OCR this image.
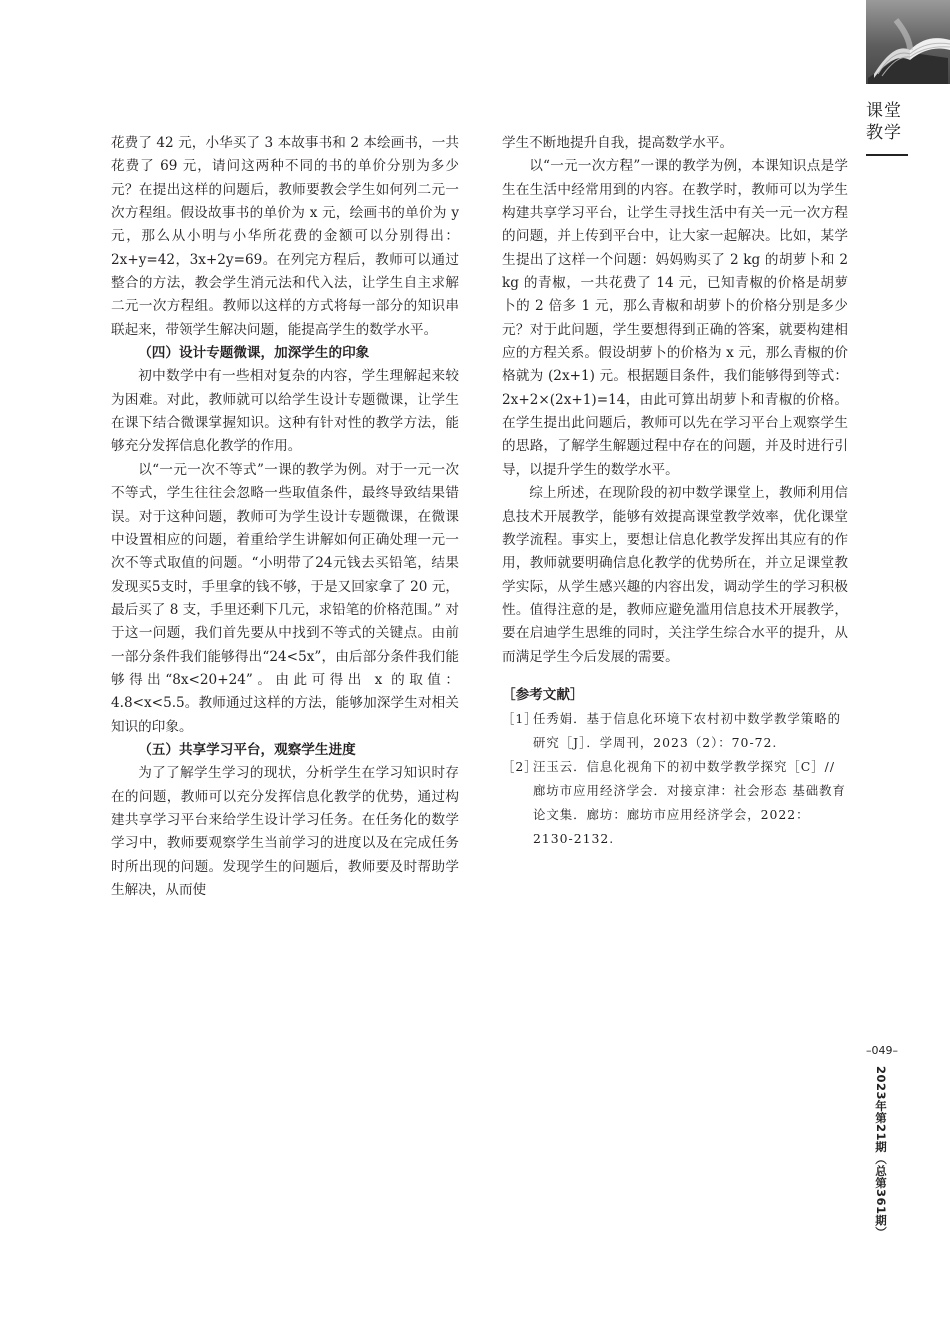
课堂教学
–049–
2023年第21期（总第361期）

花费了 42 元，小华买了 3 本故事书和 2 本绘画书，一共花费了 69 元，请问这两种不同的书的单价分别为多少元？在提出这样的问题后，教师要教会学生如何列二元一次方程组。假设故事书的单价为 x 元，绘画书的单价为 y 元，那么从小明与小华所花费的金额可以分别得出：2x+y=42，3x+2y=69。在列完方程后，教师可以通过整合的方法，教会学生消元法和代入法，让学生自主求解二元一次方程组。教师以这样的方式将每一部分的知识串联起来，带领学生解决问题，能提高学生的数学水平。

（四）设计专题微课，加深学生的印象

初中数学中有一些相对复杂的内容，学生理解起来较为困难。对此，教师就可以给学生设计专题微课，让学生在课下结合微课掌握知识。这种有针对性的教学方法，能够充分发挥信息化教学的作用。

以“一元一次不等式”一课的教学为例。对于一元一次不等式，学生往往会忽略一些取值条件，最终导致结果错误。对于这种问题，教师可为学生设计专题微课，在微课中设置相应的问题，着重给学生讲解如何正确处理一元一次不等式取值的问题。“小明带了24元钱去买铅笔，结果发现买5支时，手里拿的钱不够，于是又回家拿了 20 元，最后买了 8 支，手里还剩下几元，求铅笔的价格范围。” 对于这一问题，我们首先要从中找到不等式的关键点。由前一部分条件我们能够得出“24<5x”，由后部分条件我们能够得出“8x<20+24”。由此可得出 x 的取值：4.8<x<5.5。教师通过这样的方法，能够加深学生对相关知识的印象。

（五）共享学习平台，观察学生进度

为了了解学生学习的现状，分析学生在学习知识时存在的问题，教师可以充分发挥信息化教学的优势，通过构建共享学习平台来给学生设计学习任务。在任务化的数学学习中，教师要观察学生当前学习的进度以及在完成任务时所出现的问题。发现学生的问题后，教师要及时帮助学生解决，从而使

学生不断地提升自我，提高数学水平。

以“一元一次方程”一课的教学为例，本课知识点是学生在生活中经常用到的内容。在教学时，教师可以为学生构建共享学习平台，让学生寻找生活中有关一元一次方程的问题，并上传到平台中，让大家一起解决。比如，某学生提出了这样一个问题：妈妈购买了 2 kg 的胡萝卜和 2 kg 的青椒，一共花费了 14 元，已知青椒的价格是胡萝卜的 2 倍多 1 元，那么青椒和胡萝卜的价格分别是多少元？对于此问题，学生要想得到正确的答案，就要构建相应的方程关系。假设胡萝卜的价格为 x 元，那么青椒的价格就为 (2x+1) 元。根据题目条件，我们能够得到等式：2x+2×(2x+1)=14，由此可算出胡萝卜和青椒的价格。在学生提出此问题后，教师可以先在学习平台上观察学生的思路，了解学生解题过程中存在的问题，并及时进行引导，以提升学生的数学水平。

综上所述，在现阶段的初中数学课堂上，教师利用信息技术开展教学，能够有效提高课堂教学效率，优化课堂教学流程。事实上，要想让信息化教学发挥出其应有的作用，教师就要明确信息化教学的优势所在，并立足课堂教学实际，从学生感兴趣的内容出发，调动学生的学习积极性。值得注意的是，教师应避免滥用信息技术开展教学，要在启迪学生思维的同时，关注学生综合水平的提升，从而满足学生今后发展的需要。

［参考文献］
［1］
任秀娟．基于信息化环境下农村初中数学教学策略的研究［J］．学周刊，2023（2）：70-72.
［2］
汪玉云．信息化视角下的初中数学教学探究［C］//廊坊市应用经济学会．对接京津：社会形态 基础教育论文集．廊坊：廊坊市应用经济学会，2022：2130-2132.
